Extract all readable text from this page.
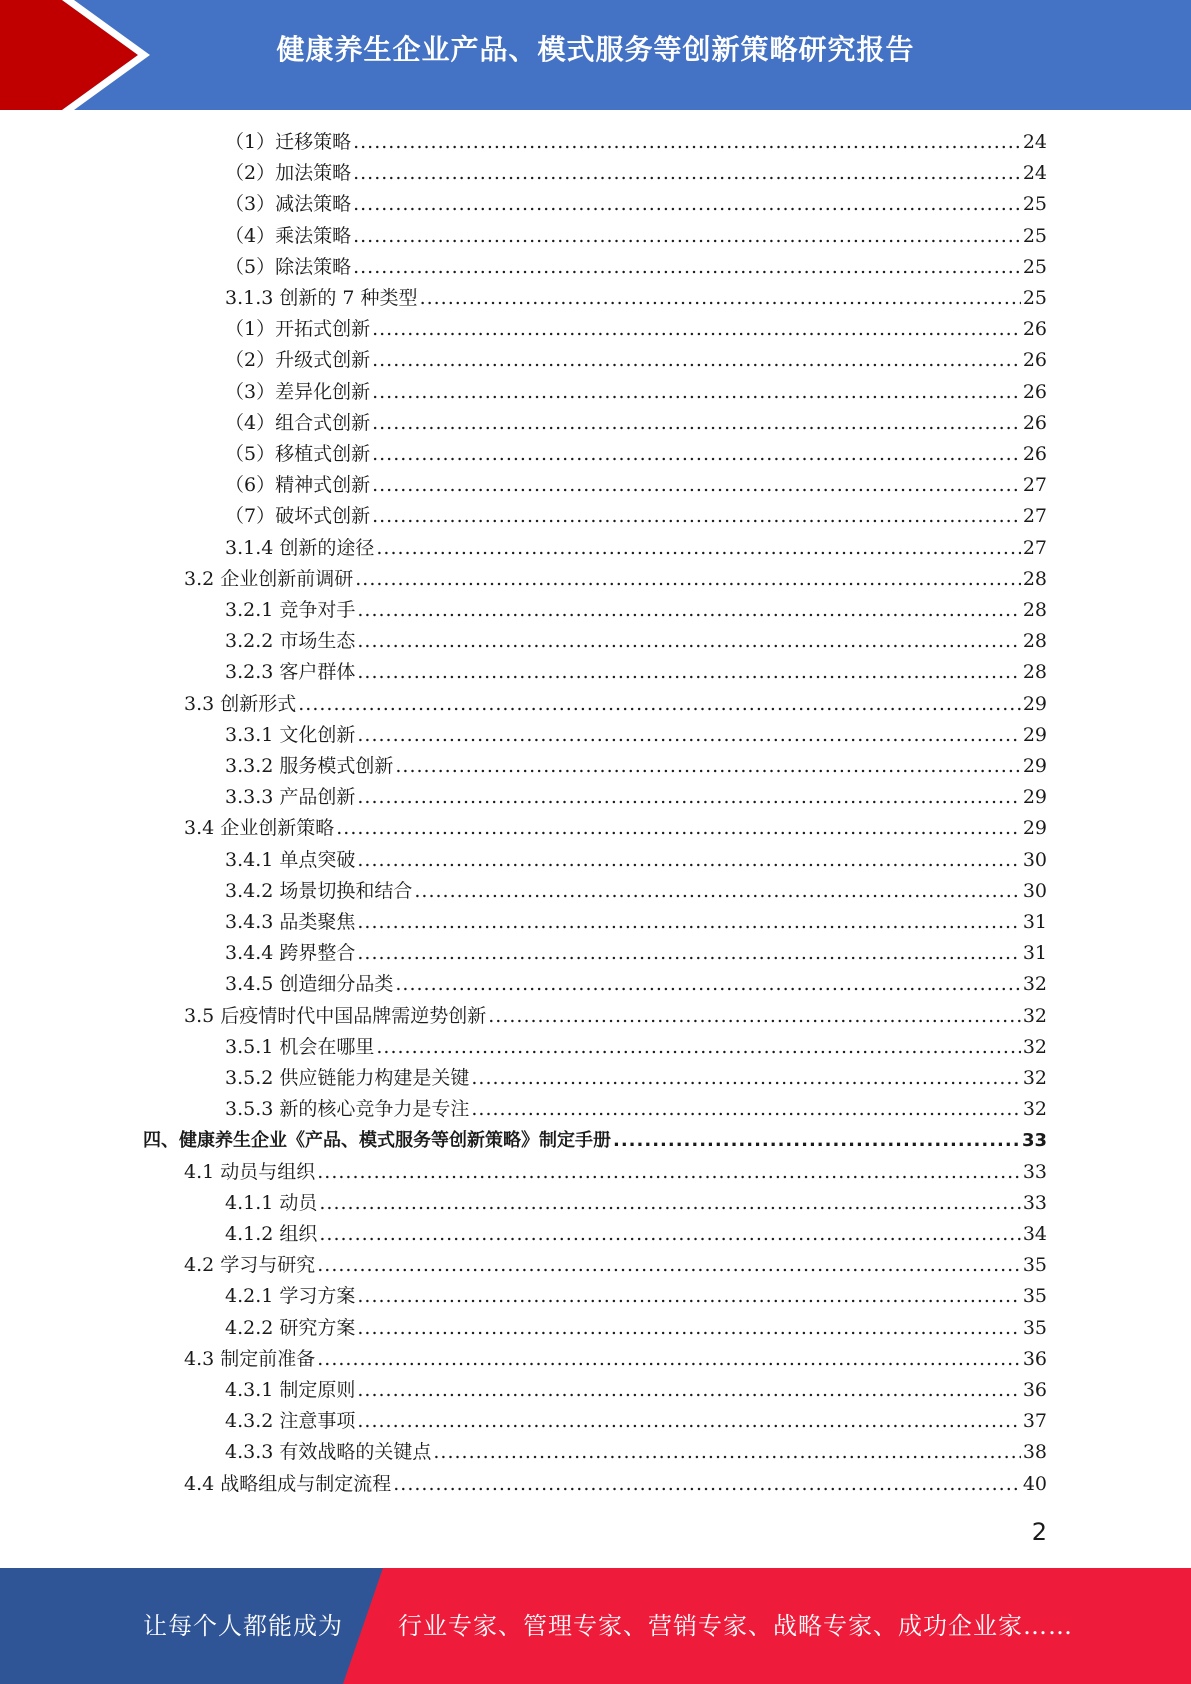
健康养生企业产品、模式服务等创新策略研究报告
（1）迁移策略 .....	24
（2）加法策略 .....	24
（3）减法策略 .....	25
（4）乘法策略 .....	25
（5）除法策略 .....	25
3.1.3 创新的 7 种类型 .....	25
（1）开拓式创新 .....	26
（2）升级式创新 .....	26
（3）差异化创新 .....	26
（4）组合式创新 .....	26
（5）移植式创新 .....	26
（6）精神式创新 .....	27
（7）破坏式创新 .....	27
3.1.4 创新的途径 .....	27
3.2 企业创新前调研 .....	28
3.2.1 竞争对手 .....	28
3.2.2 市场生态 .....	28
3.2.3 客户群体 .....	28
3.3 创新形式 .....	29
3.3.1 文化创新 .....	29
3.3.2 服务模式创新 .....	29
3.3.3 产品创新 .....	29
3.4 企业创新策略 .....	29
3.4.1 单点突破 .....	30
3.4.2 场景切换和结合 .....	30
3.4.3 品类聚焦 .....	31
3.4.4 跨界整合 .....	31
3.4.5 创造细分品类 .....	32
3.5 后疫情时代中国品牌需逆势创新 .....	32
3.5.1 机会在哪里 .....	32
3.5.2 供应链能力构建是关键 .....	32
3.5.3 新的核心竞争力是专注 .....	32
四、健康养生企业《产品、模式服务等创新策略》制定手册 .....	33
4.1 动员与组织 .....	33
4.1.1 动员 .....	33
4.1.2 组织 .....	34
4.2 学习与研究 .....	35
4.2.1 学习方案 .....	35
4.2.2 研究方案 .....	35
4.3 制定前准备 .....	36
4.3.1 制定原则 .....	36
4.3.2 注意事项 .....	37
4.3.3 有效战略的关键点 .....	38
4.4 战略组成与制定流程 .....	40
2
让每个人都能成为 行业专家、管理专家、营销专家、战略专家、成功企业家……
